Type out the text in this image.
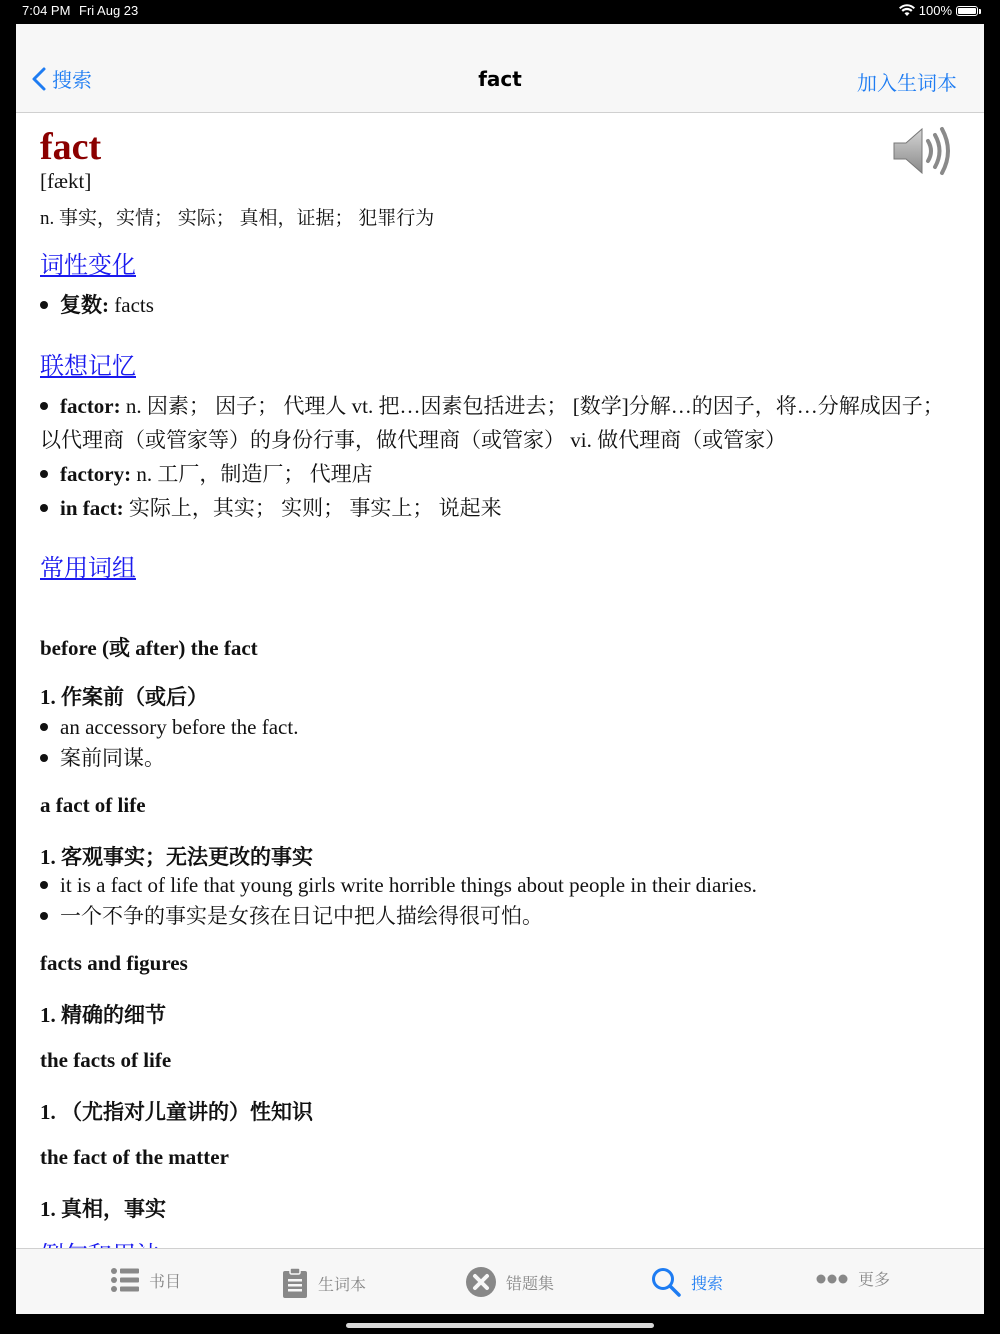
7:04 PM Fri Aug 23	100%
搜索	fact	加入生词本
fact
[fækt]
n. 事实，实情； 实际； 真相，证据； 犯罪行为
词性变化
复数: facts
联想记忆
factor: n. 因素； 因子； 代理人 vt. 把…因素包括进去； [数学]分解…的因子，将…分解成因子； 以代理商（或管家等）的身份行事，做代理商（或管家） vi. 做代理商（或管家）
factory: n. 工厂，制造厂； 代理店
in fact: 实际上，其实； 实则； 事实上； 说起来
常用词组
before (或 after) the fact
1. 作案前（或后）
an accessory before the fact.
案前同谋。
a fact of life
1. 客观事实；无法更改的事实
it is a fact of life that young girls write horrible things about people in their diaries.
一个不争的事实是女孩在日记中把人描绘得很可怕。
facts and figures
1. 精确的细节
the facts of life
1. （尤指对儿童讲的）性知识
the fact of the matter
1. 真相，事实
书目	生词本	错题集	搜索	更多
